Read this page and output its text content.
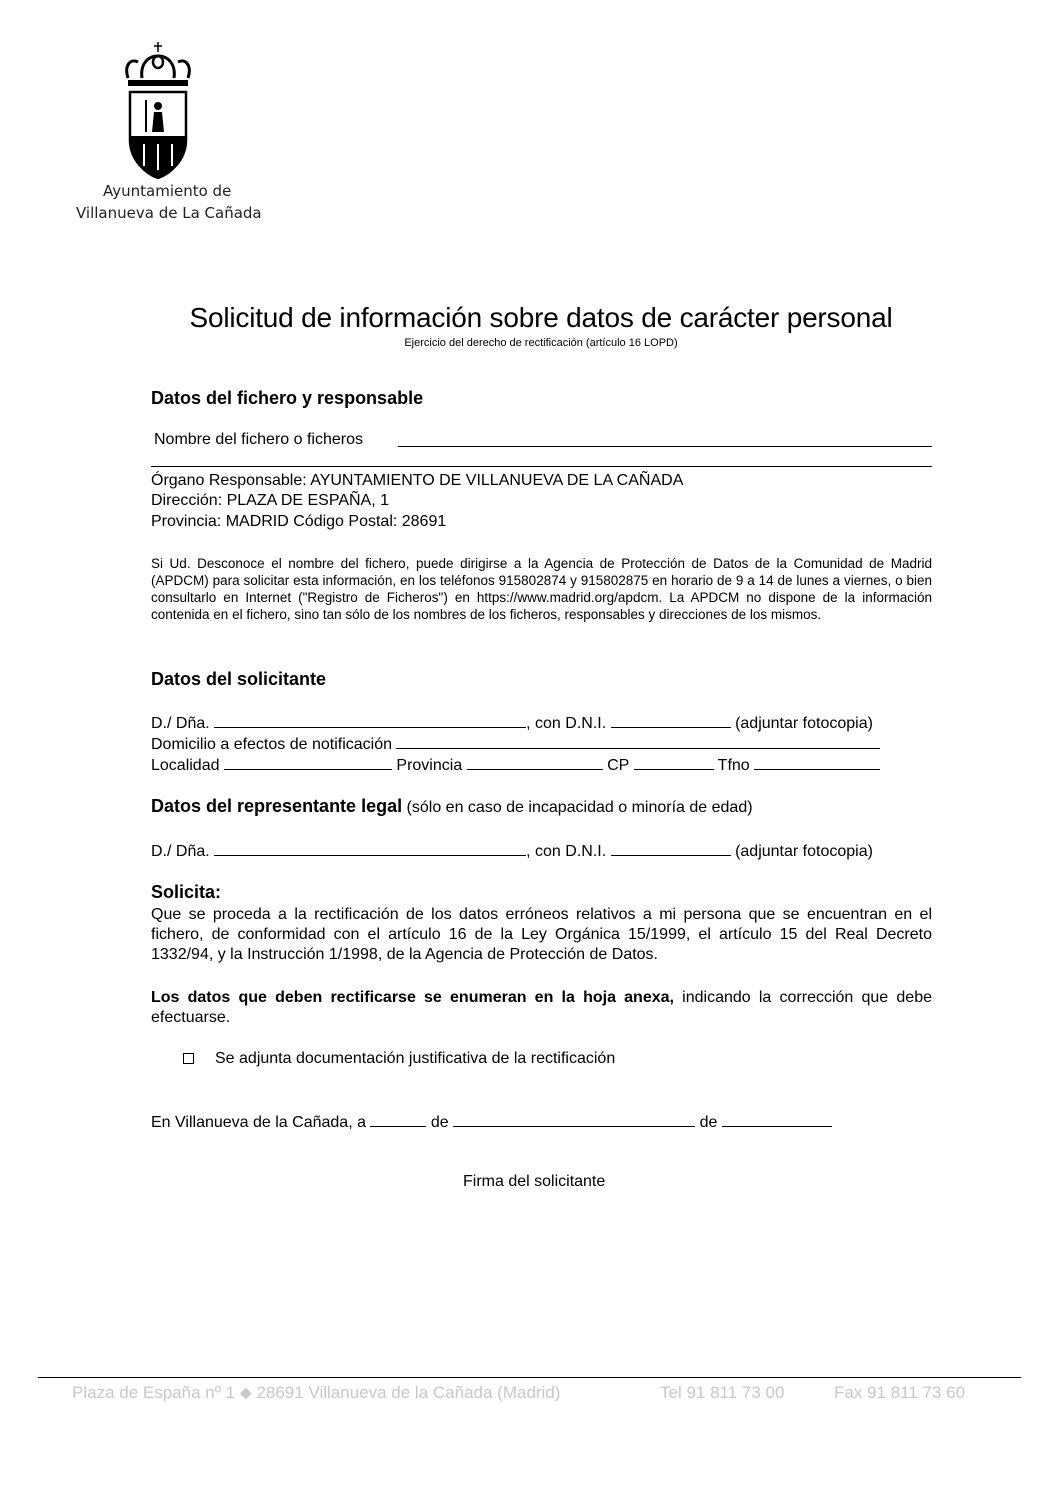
Ayuntamiento de
Villanueva de La Cañada
Solicitud de información sobre datos de carácter personal
Ejercicio del derecho de rectificación (artículo 16 LOPD)
Datos del fichero y responsable
Nombre del fichero o ficheros
Órgano Responsable: AYUNTAMIENTO DE VILLANUEVA DE LA CAÑADA
Dirección: PLAZA DE ESPAÑA, 1
Provincia: MADRID Código Postal: 28691
Si Ud. Desconoce el nombre del fichero, puede dirigirse a la Agencia de Protección de Datos de la Comunidad de Madrid (APDCM) para solicitar esta información, en los teléfonos 915802874 y 915802875 en horario de 9 a 14 de lunes a viernes, o bien consultarlo en Internet ("Registro de Ficheros") en https://www.madrid.org/apdcm. La APDCM no dispone de la información contenida en el fichero, sino tan sólo de los nombres de los ficheros, responsables y direcciones de los mismos.
Datos del solicitante
D./ Dña.	, con D.N.I.	(adjuntar fotocopia)
Domicilio a efectos de notificación
Localidad	Provincia	CP	Tfno
Datos del representante legal (sólo en caso de incapacidad o minoría de edad)
D./ Dña.	, con D.N.I.	(adjuntar fotocopia)
Solicita:
Que se proceda a la rectificación de los datos erróneos relativos a mi persona que se encuentran en el fichero, de conformidad con el artículo 16 de la Ley Orgánica 15/1999, el artículo 15 del Real Decreto 1332/94, y la Instrucción 1/1998, de la Agencia de Protección de Datos.
Los datos que deben rectificarse se enumeran en la hoja anexa, indicando la corrección que debe efectuarse.
Se adjunta documentación justificativa de la rectificación
En Villanueva de la Cañada, a	de	de
Firma del solicitante
Plaza de España nº 1 ⬥ 28691 Villanueva de la Cañada (Madrid)	Tel 91 811 73 00	Fax 91 811 73 60
